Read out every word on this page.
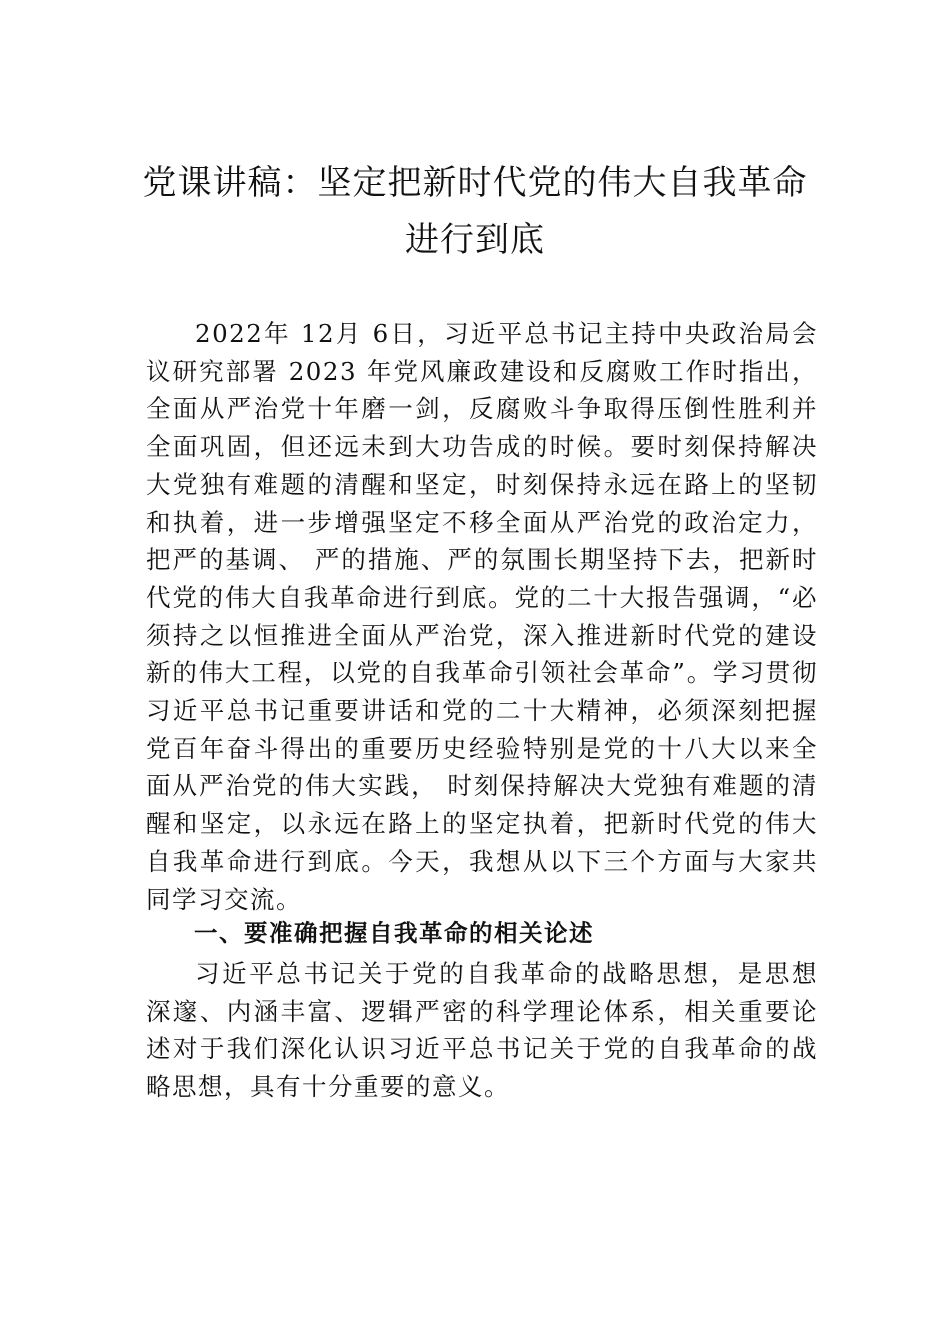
党课讲稿：坚定把新时代党的伟大自我革命进行到底

2022年 12月 6日，习近平总书记主持中央政治局会议研究部署 2023 年党风廉政建设和反腐败工作时指出，全面从严治党十年磨一剑，反腐败斗争取得压倒性胜利并全面巩固，但还远未到大功告成的时候。要时刻保持解决大党独有难题的清醒和坚定，时刻保持永远在路上的坚韧和执着，进一步增强坚定不移全面从严治党的政治定力，把严的基调、 严的措施、严的氛围长期坚持下去，把新时代党的伟大自我革命进行到底。党的二十大报告强调，“必须持之以恒推进全面从严治党，深入推进新时代党的建设新的伟大工程，以党的自我革命引领社会革命”。学习贯彻习近平总书记重要讲话和党的二十大精神，必须深刻把握党百年奋斗得出的重要历史经验特别是党的十八大以来全面从严治党的伟大实践， 时刻保持解决大党独有难题的清醒和坚定，以永远在路上的坚定执着，把新时代党的伟大自我革命进行到底。今天，我想从以下三个方面与大家共同学习交流。

一、要准确把握自我革命的相关论述

习近平总书记关于党的自我革命的战略思想，是思想深邃、内涵丰富、逻辑严密的科学理论体系，相关重要论述对于我们深化认识习近平总书记关于党的自我革命的战略思想，具有十分重要的意义。
